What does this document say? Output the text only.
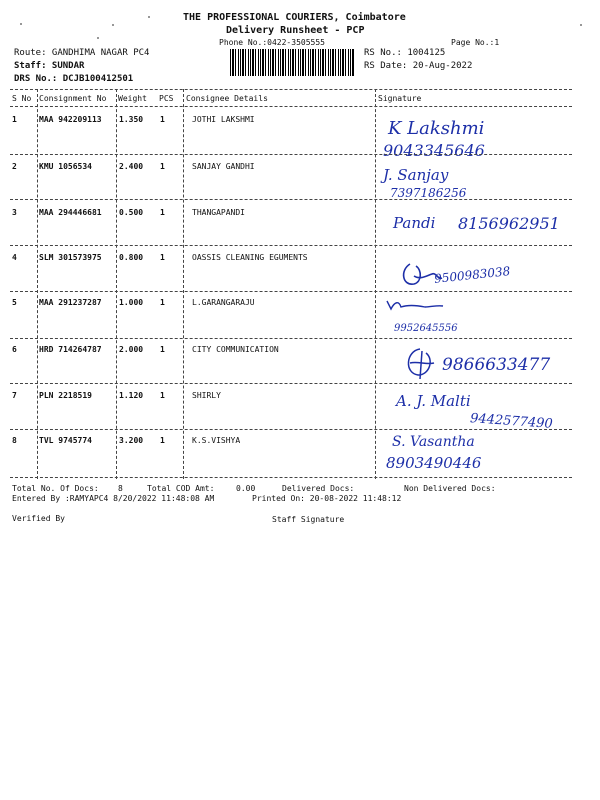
THE PROFESSIONAL COURIERS, Coimbatore
Delivery Runsheet - PCP
Phone No.:0422-3505555	Page No.:1
Route: GANDHIMA NAGAR PC4
Staff: SUNDAR
DRS No.: DCJB100412501
RS No.: 1004125
RS Date: 20-Aug-2022
S No Consignment No Weight PCS Consignee Details	Signature
1	MAA 942209113 1.350 1	JOTHI LAKSHMI	K Lakshmi
9043345646
2	KMU 1056534	2.400 1	SANJAY GANDHI	J. Sanjay
7397186256
3	MAA 294446681 0.500 1	THANGAPANDI
Pandi 8156962951
4	SLM 301573975 0.800 1	OASSIS CLEANING EGUMENTS
9500983038
5	MAA 291237287 1.000 1	L.GARANGARAJU
9952645556
6	HRD 714264787 2.000 1	CITY COMMUNICATION
9866633477
7	PLN 2218519	1.120 1	SHIRLY	A. J. Malti
9442577490
8	TVL 9745774	3.200 1	K.S.VISHYA	S. Vasantha
8903490446
Total No. Of Docs: 8	Total COD Amt:	0.00	Delivered Docs:	Non Delivered Docs:
Entered By :RAMYAPC4 8/20/2022 11:48:08 AM	Printed On: 20-08-2022 11:48:12
Verified By	Staff Signature
